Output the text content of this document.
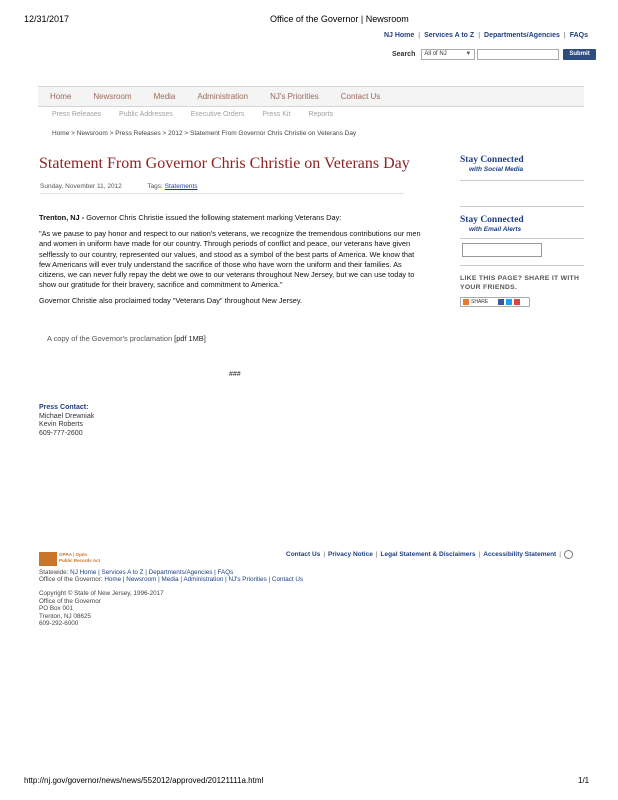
12/31/2017	Office of the Governor | Newsroom
NJ Home | Services A to Z | Departments/Agencies | FAQs
Search	All of NJ	▼	Submit
Home	Newsroom	Media	Administration	NJ's Priorities	Contact Us
Press Releases	Public Addresses	Executive Orders	Press Kit	Reports
Home > Newsroom > Press Releases > 2012 > Statement From Governor Chris Christie on Veterans Day
Statement From Governor Chris Christie on Veterans Day
Sunday, November 11, 2012	Tags: Statements

Trenton, NJ - Governor Chris Christie issued the following statement marking Veterans Day:

"As we pause to pay honor and respect to our nation's veterans, we recognize the tremendous contributions our men and women in uniform have made for our country. Through periods of conflict and peace, our veterans have given selflessly to our country, represented our values, and stood as a symbol of the best parts of America. We know that few Americans will ever truly understand the sacrifice of those who have worn the uniform and their families. As citizens, we can never fully repay the debt we owe to our veterans throughout New Jersey, but we can use today to show our gratitude for their bravery, sacrifice and commitment to America."

Governor Christie also proclaimed today "Veterans Day" throughout New Jersey.

A copy of the Governor's proclamation [pdf 1MB]
###
Press Contact:
Michael Drewniak
Kevin Roberts
609-777-2600
Stay Connected
with Social Media
Stay Connected
with Email Alerts
LIKE THIS PAGE? SHARE IT WITH YOUR FRIENDS.
SHARE
OPRA | Open
Public Records Act
Contact Us | Privacy Notice | Legal Statement & Disclaimers | Accessibility Statement |
Statewide: NJ Home | Services A to Z | Departments/Agencies | FAQs
Office of the Governor: Home | Newsroom | Media | Administration | NJ's Priorities | Contact Us
Copyright © State of New Jersey, 1996-2017
Office of the Governor
PO Box 001
Trenton, NJ 08625
609-292-6000
http://nj.gov/governor/news/news/552012/approved/20121111a.html	1/1
